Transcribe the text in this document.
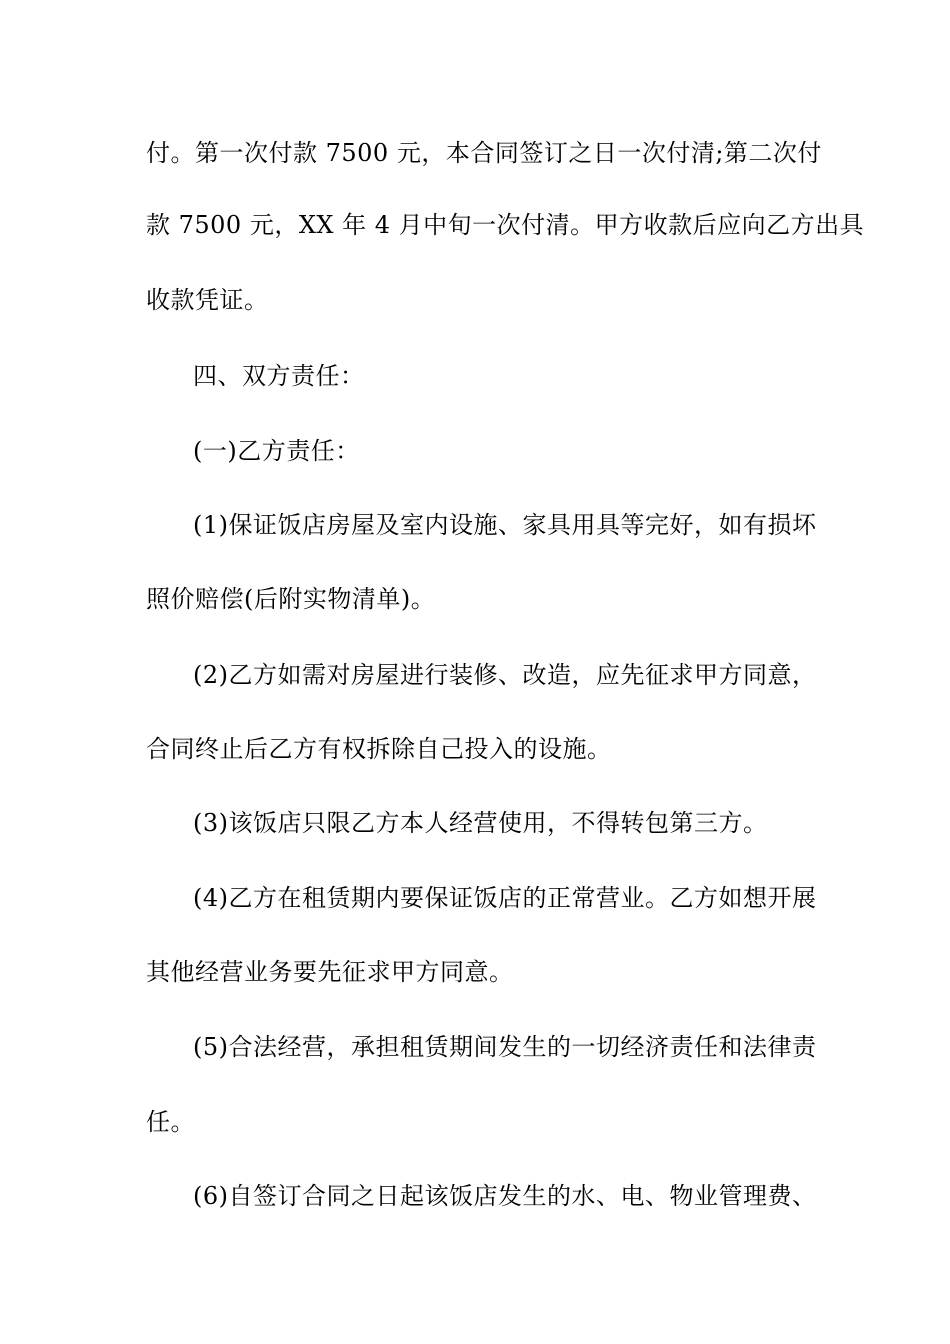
付。第一次付款 7500 元，本合同签订之日一次付清;第二次付
款 7500 元，XX 年 4 月中旬一次付清。甲方收款后应向乙方出具
收款凭证。
四、双方责任：
(一)乙方责任：
(1)保证饭店房屋及室内设施、家具用具等完好，如有损坏
照价赔偿(后附实物清单)。
(2)乙方如需对房屋进行装修、改造，应先征求甲方同意，
合同终止后乙方有权拆除自己投入的设施。
(3)该饭店只限乙方本人经营使用，不得转包第三方。
(4)乙方在租赁期内要保证饭店的正常营业。乙方如想开展
其他经营业务要先征求甲方同意。
(5)合法经营，承担租赁期间发生的一切经济责任和法律责
任。
(6)自签订合同之日起该饭店发生的水、电、物业管理费、
